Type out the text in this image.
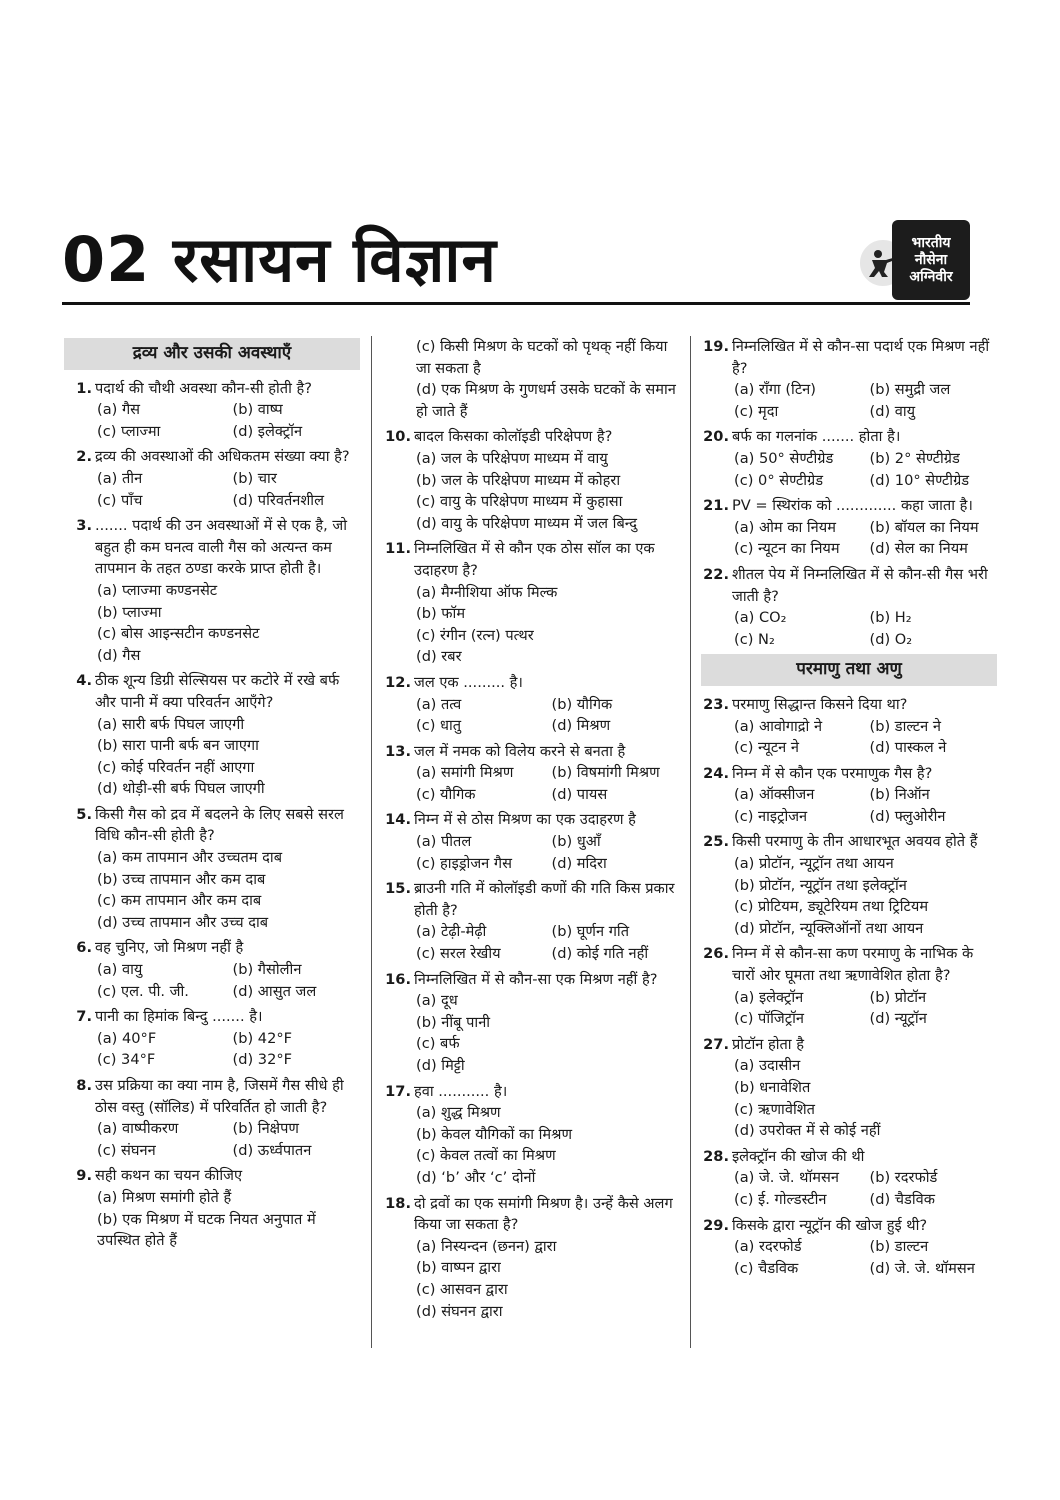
02 रसायन विज्ञान	भारतीय
नौसेना
अग्निवीर
द्रव्य और उसकी अवस्थाएँ
1. पदार्थ की चौथी अवस्था कौन-सी होती है?
(a) गैस	(b) वाष्प
(c) प्लाज्मा	(d) इलेक्ट्रॉन
2. द्रव्य की अवस्थाओं की अधिकतम संख्या क्या है?
(a) तीन	(b) चार
(c) पाँच	(d) परिवर्तनशील
3. ....... पदार्थ की उन अवस्थाओं में से एक है, जो बहुत ही कम घनत्व वाली गैस को अत्यन्त कम तापमान के तहत ठण्डा करके प्राप्त होती है।
(a) प्लाज्मा कण्डनसेट
(b) प्लाज्मा
(c) बोस आइन्सटीन कण्डनसेट
(d) गैस
4. ठीक शून्य डिग्री सेल्सियस पर कटोरे में रखे बर्फ और पानी में क्या परिवर्तन आएँगे?
(a) सारी बर्फ पिघल जाएगी
(b) सारा पानी बर्फ बन जाएगा
(c) कोई परिवर्तन नहीं आएगा
(d) थोड़ी-सी बर्फ पिघल जाएगी
5. किसी गैस को द्रव में बदलने के लिए सबसे सरल विधि कौन-सी होती है?
(a) कम तापमान और उच्चतम दाब
(b) उच्च तापमान और कम दाब
(c) कम तापमान और कम दाब
(d) उच्च तापमान और उच्च दाब
6. वह चुनिए, जो मिश्रण नहीं है
(a) वायु	(b) गैसोलीन
(c) एल. पी. जी.	(d) आसुत जल
7. पानी का हिमांक बिन्दु ....... है।
(a) 40°F	(b) 42°F
(c) 34°F	(d) 32°F
8. उस प्रक्रिया का क्या नाम है, जिसमें गैस सीधे ही ठोस वस्तु (सॉलिड) में परिवर्तित हो जाती है?
(a) वाष्पीकरण	(b) निक्षेपण
(c) संघनन	(d) ऊर्ध्वपातन
9. सही कथन का चयन कीजिए
(a) मिश्रण समांगी होते हैं
(b) एक मिश्रण में घटक नियत अनुपात में उपस्थित होते हैं
(c) किसी मिश्रण के घटकों को पृथक् नहीं किया जा सकता है
(d) एक मिश्रण के गुणधर्म उसके घटकों के समान हो जाते हैं
10. बादल किसका कोलॉइडी परिक्षेपण है?
(a) जल के परिक्षेपण माध्यम में वायु
(b) जल के परिक्षेपण माध्यम में कोहरा
(c) वायु के परिक्षेपण माध्यम में कुहासा
(d) वायु के परिक्षेपण माध्यम में जल बिन्दु
11. निम्नलिखित में से कौन एक ठोस सॉल का एक उदाहरण है?
(a) मैग्नीशिया ऑफ मिल्क
(b) फॉम
(c) रंगीन (रत्न) पत्थर
(d) रबर
12. जल एक ......... है।
(a) तत्व	(b) यौगिक
(c) धातु	(d) मिश्रण
13. जल में नमक को विलेय करने से बनता है
(a) समांगी मिश्रण	(b) विषमांगी मिश्रण
(c) यौगिक	(d) पायस
14. निम्न में से ठोस मिश्रण का एक उदाहरण है
(a) पीतल	(b) धुआँ
(c) हाइड्रोजन गैस	(d) मदिरा
15. ब्राउनी गति में कोलॉइडी कणों की गति किस प्रकार होती है?
(a) टेढ़ी-मेढ़ी	(b) घूर्णन गति
(c) सरल रेखीय	(d) कोई गति नहीं
16. निम्नलिखित में से कौन-सा एक मिश्रण नहीं है?
(a) दूध
(b) नींबू पानी
(c) बर्फ
(d) मिट्टी
17. हवा ........... है।
(a) शुद्ध मिश्रण
(b) केवल यौगिकों का मिश्रण
(c) केवल तत्वों का मिश्रण
(d) ‘b’ और ‘c’ दोनों
18. दो द्रवों का एक समांगी मिश्रण है। उन्हें कैसे अलग किया जा सकता है?
(a) निस्यन्दन (छनन) द्वारा
(b) वाष्पन द्वारा
(c) आसवन द्वारा
(d) संघनन द्वारा
19. निम्नलिखित में से कौन-सा पदार्थ एक मिश्रण नहीं है?
(a) राँगा (टिन)	(b) समुद्री जल
(c) मृदा	(d) वायु
20. बर्फ का गलनांक ....... होता है।
(a) 50° सेण्टीग्रेड	(b) 2° सेण्टीग्रेड
(c) 0° सेण्टीग्रेड	(d) 10° सेण्टीग्रेड
21. PV = स्थिरांक को ............. कहा जाता है।
(a) ओम का नियम	(b) बॉयल का नियम
(c) न्यूटन का नियम	(d) सेल का नियम
22. शीतल पेय में निम्नलिखित में से कौन-सी गैस भरी जाती है?
(a) CO₂	(b) H₂
(c) N₂	(d) O₂
परमाणु तथा अणु
23. परमाणु सिद्धान्त किसने दिया था?
(a) आवोगाद्रो ने	(b) डाल्टन ने
(c) न्यूटन ने	(d) पास्कल ने
24. निम्न में से कौन एक परमाणुक गैस है?
(a) ऑक्सीजन	(b) निऑन
(c) नाइट्रोजन	(d) फ्लुओरीन
25. किसी परमाणु के तीन आधारभूत अवयव होते हैं
(a) प्रोटॉन, न्यूट्रॉन तथा आयन
(b) प्रोटॉन, न्यूट्रॉन तथा इलेक्ट्रॉन
(c) प्रोटियम, ड्यूटेरियम तथा ट्रिटियम
(d) प्रोटॉन, न्यूक्लिऑनों तथा आयन
26. निम्न में से कौन-सा कण परमाणु के नाभिक के चारों ओर घूमता तथा ऋणावेशित होता है?
(a) इलेक्ट्रॉन	(b) प्रोटॉन
(c) पॉजिट्रॉन	(d) न्यूट्रॉन
27. प्रोटॉन होता है
(a) उदासीन
(b) धनावेशित
(c) ऋणावेशित
(d) उपरोक्त में से कोई नहीं
28. इलेक्ट्रॉन की खोज की थी
(a) जे. जे. थॉमसन	(b) रदरफोर्ड
(c) ई. गोल्डस्टीन	(d) चैडविक
29. किसके द्वारा न्यूट्रॉन की खोज हुई थी?
(a) रदरफोर्ड	(b) डाल्टन
(c) चैडविक	(d) जे. जे. थॉमसन
